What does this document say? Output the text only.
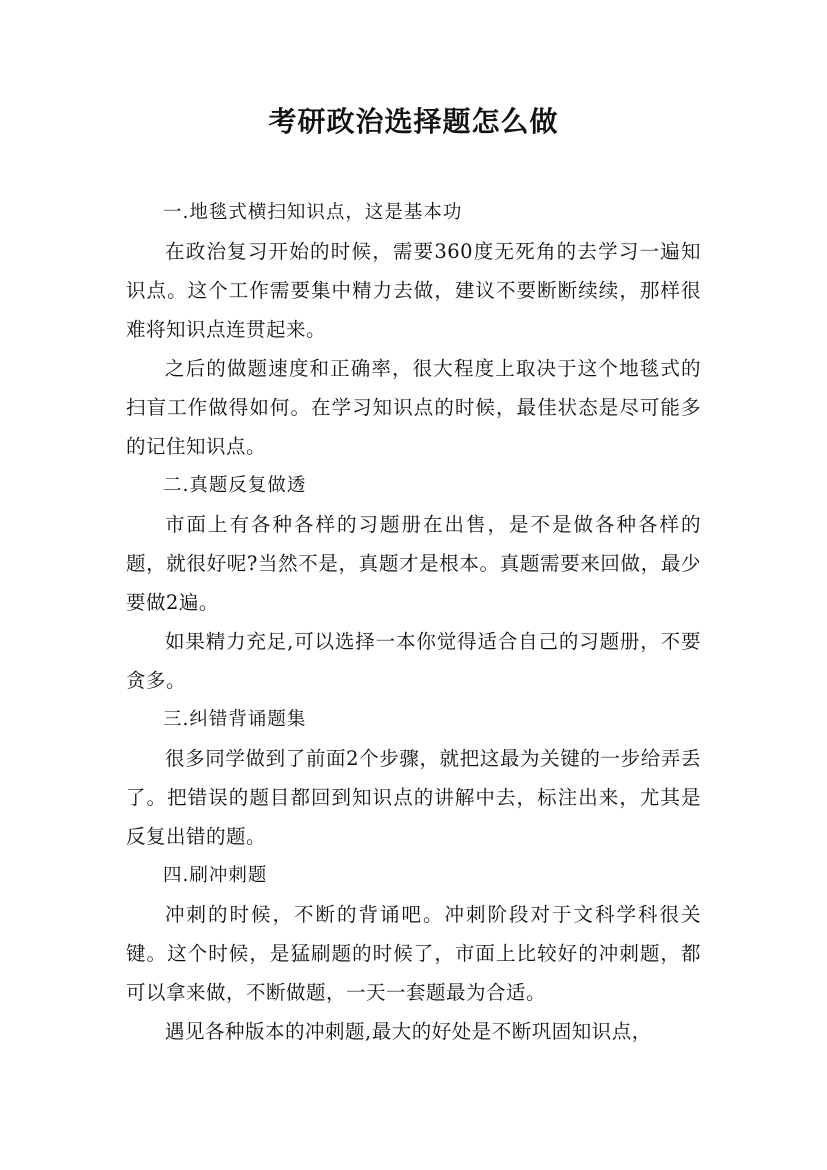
考研政治选择题怎么做

一.地毯式横扫知识点，这是基本功

在政治复习开始的时候，需要360度无死角的去学习一遍知识点。这个工作需要集中精力去做，建议不要断断续续，那样很难将知识点连贯起来。

之后的做题速度和正确率，很大程度上取决于这个地毯式的扫盲工作做得如何。在学习知识点的时候，最佳状态是尽可能多的记住知识点。

二.真题反复做透

市面上有各种各样的习题册在出售，是不是做各种各样的题，就很好呢?当然不是，真题才是根本。真题需要来回做，最少要做2遍。

如果精力充足,可以选择一本你觉得适合自己的习题册，不要贪多。

三.纠错背诵题集

很多同学做到了前面2个步骤，就把这最为关键的一步给弄丢了。把错误的题目都回到知识点的讲解中去，标注出来，尤其是反复出错的题。

四.刷冲刺题

冲刺的时候，不断的背诵吧。冲刺阶段对于文科学科很关键。这个时候，是猛刷题的时候了，市面上比较好的冲刺题，都可以拿来做，不断做题，一天一套题最为合适。

遇见各种版本的冲刺题,最大的好处是不断巩固知识点，
